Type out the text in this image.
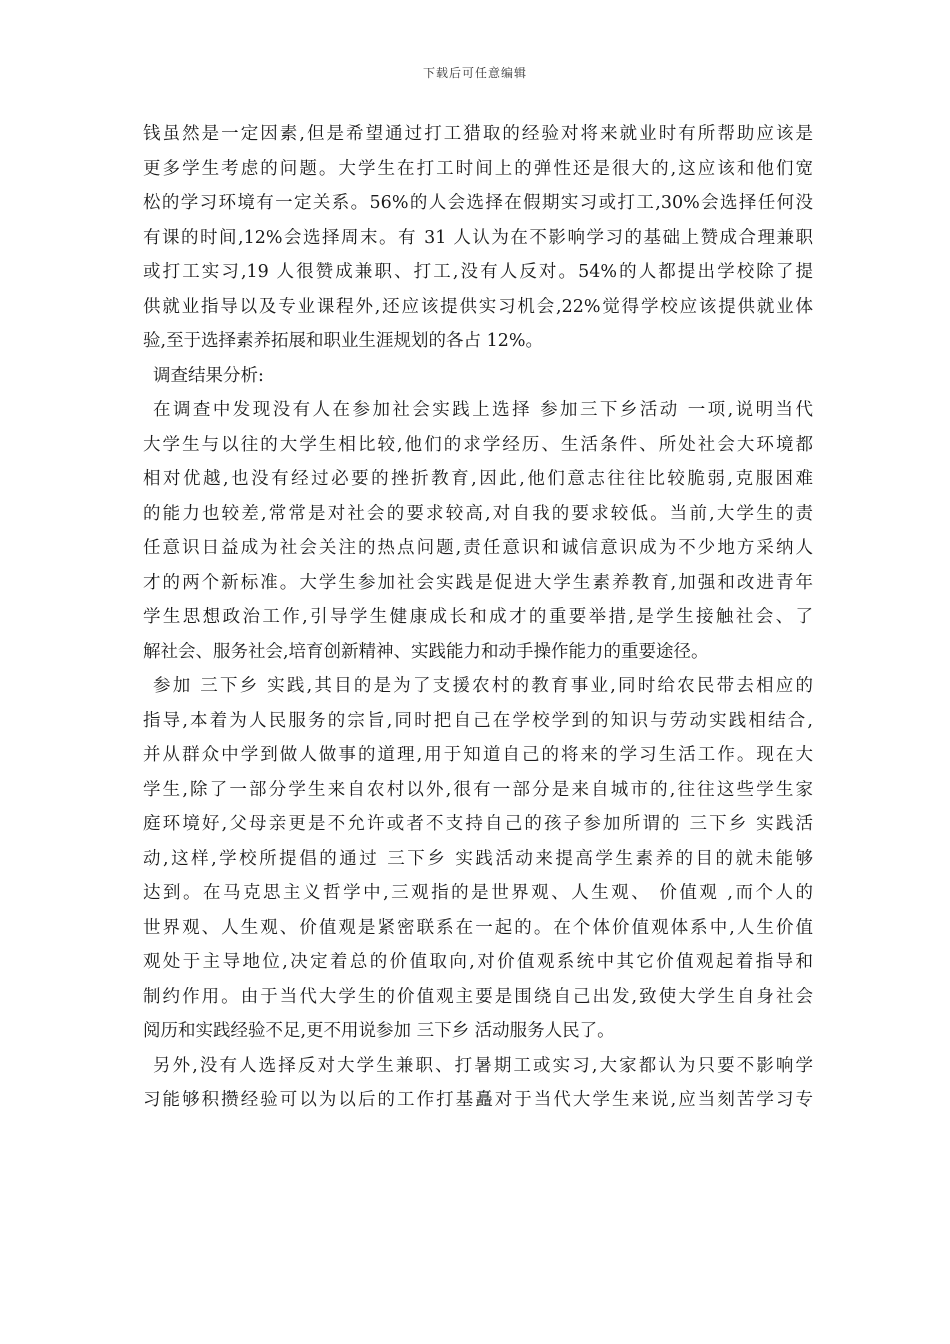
下载后可任意编辑
钱虽然是一定因素,但是希望通过打工猎取的经验对将来就业时有所帮助应该是
更多学生考虑的问题。大学生在打工时间上的弹性还是很大的,这应该和他们宽
松的学习环境有一定关系。56%的人会选择在假期实习或打工,30%会选择任何没
有课的时间,12%会选择周末。有 31 人认为在不影响学习的基础上赞成合理兼职
或打工实习,19 人很赞成兼职、打工,没有人反对。54%的人都提出学校除了提
供就业指导以及专业课程外,还应该提供实习机会,22%觉得学校应该提供就业体
验,至于选择素养拓展和职业生涯规划的各占 12%。
调查结果分析:
在调查中发现没有人在参加社会实践上选择 参加三下乡活动 一项,说明当代
大学生与以往的大学生相比较,他们的求学经历、生活条件、所处社会大环境都
相对优越,也没有经过必要的挫折教育,因此,他们意志往往比较脆弱,克服困难
的能力也较差,常常是对社会的要求较高,对自我的要求较低。当前,大学生的责
任意识日益成为社会关注的热点问题,责任意识和诚信意识成为不少地方采纳人
才的两个新标准。大学生参加社会实践是促进大学生素养教育,加强和改进青年
学生思想政治工作,引导学生健康成长和成才的重要举措,是学生接触社会、了
解社会、服务社会,培育创新精神、实践能力和动手操作能力的重要途径。
参加 三下乡 实践,其目的是为了支援农村的教育事业,同时给农民带去相应的
指导,本着为人民服务的宗旨,同时把自己在学校学到的知识与劳动实践相结合,
并从群众中学到做人做事的道理,用于知道自己的将来的学习生活工作。现在大
学生,除了一部分学生来自农村以外,很有一部分是来自城市的,往往这些学生家
庭环境好,父母亲更是不允许或者不支持自己的孩子参加所谓的 三下乡 实践活
动,这样,学校所提倡的通过 三下乡 实践活动来提高学生素养的目的就未能够
达到。在马克思主义哲学中,三观指的是世界观、人生观、 价值观 ,而个人的
世界观、人生观、价值观是紧密联系在一起的。在个体价值观体系中,人生价值
观处于主导地位,决定着总的价值取向,对价值观系统中其它价值观起着指导和
制约作用。由于当代大学生的价值观主要是围绕自己出发,致使大学生自身社会
阅历和实践经验不足,更不用说参加 三下乡 活动服务人民了。
另外,没有人选择反对大学生兼职、打暑期工或实习,大家都认为只要不影响学
习能够积攒经验可以为以后的工作打基矗对于当代大学生来说,应当刻苦学习专
